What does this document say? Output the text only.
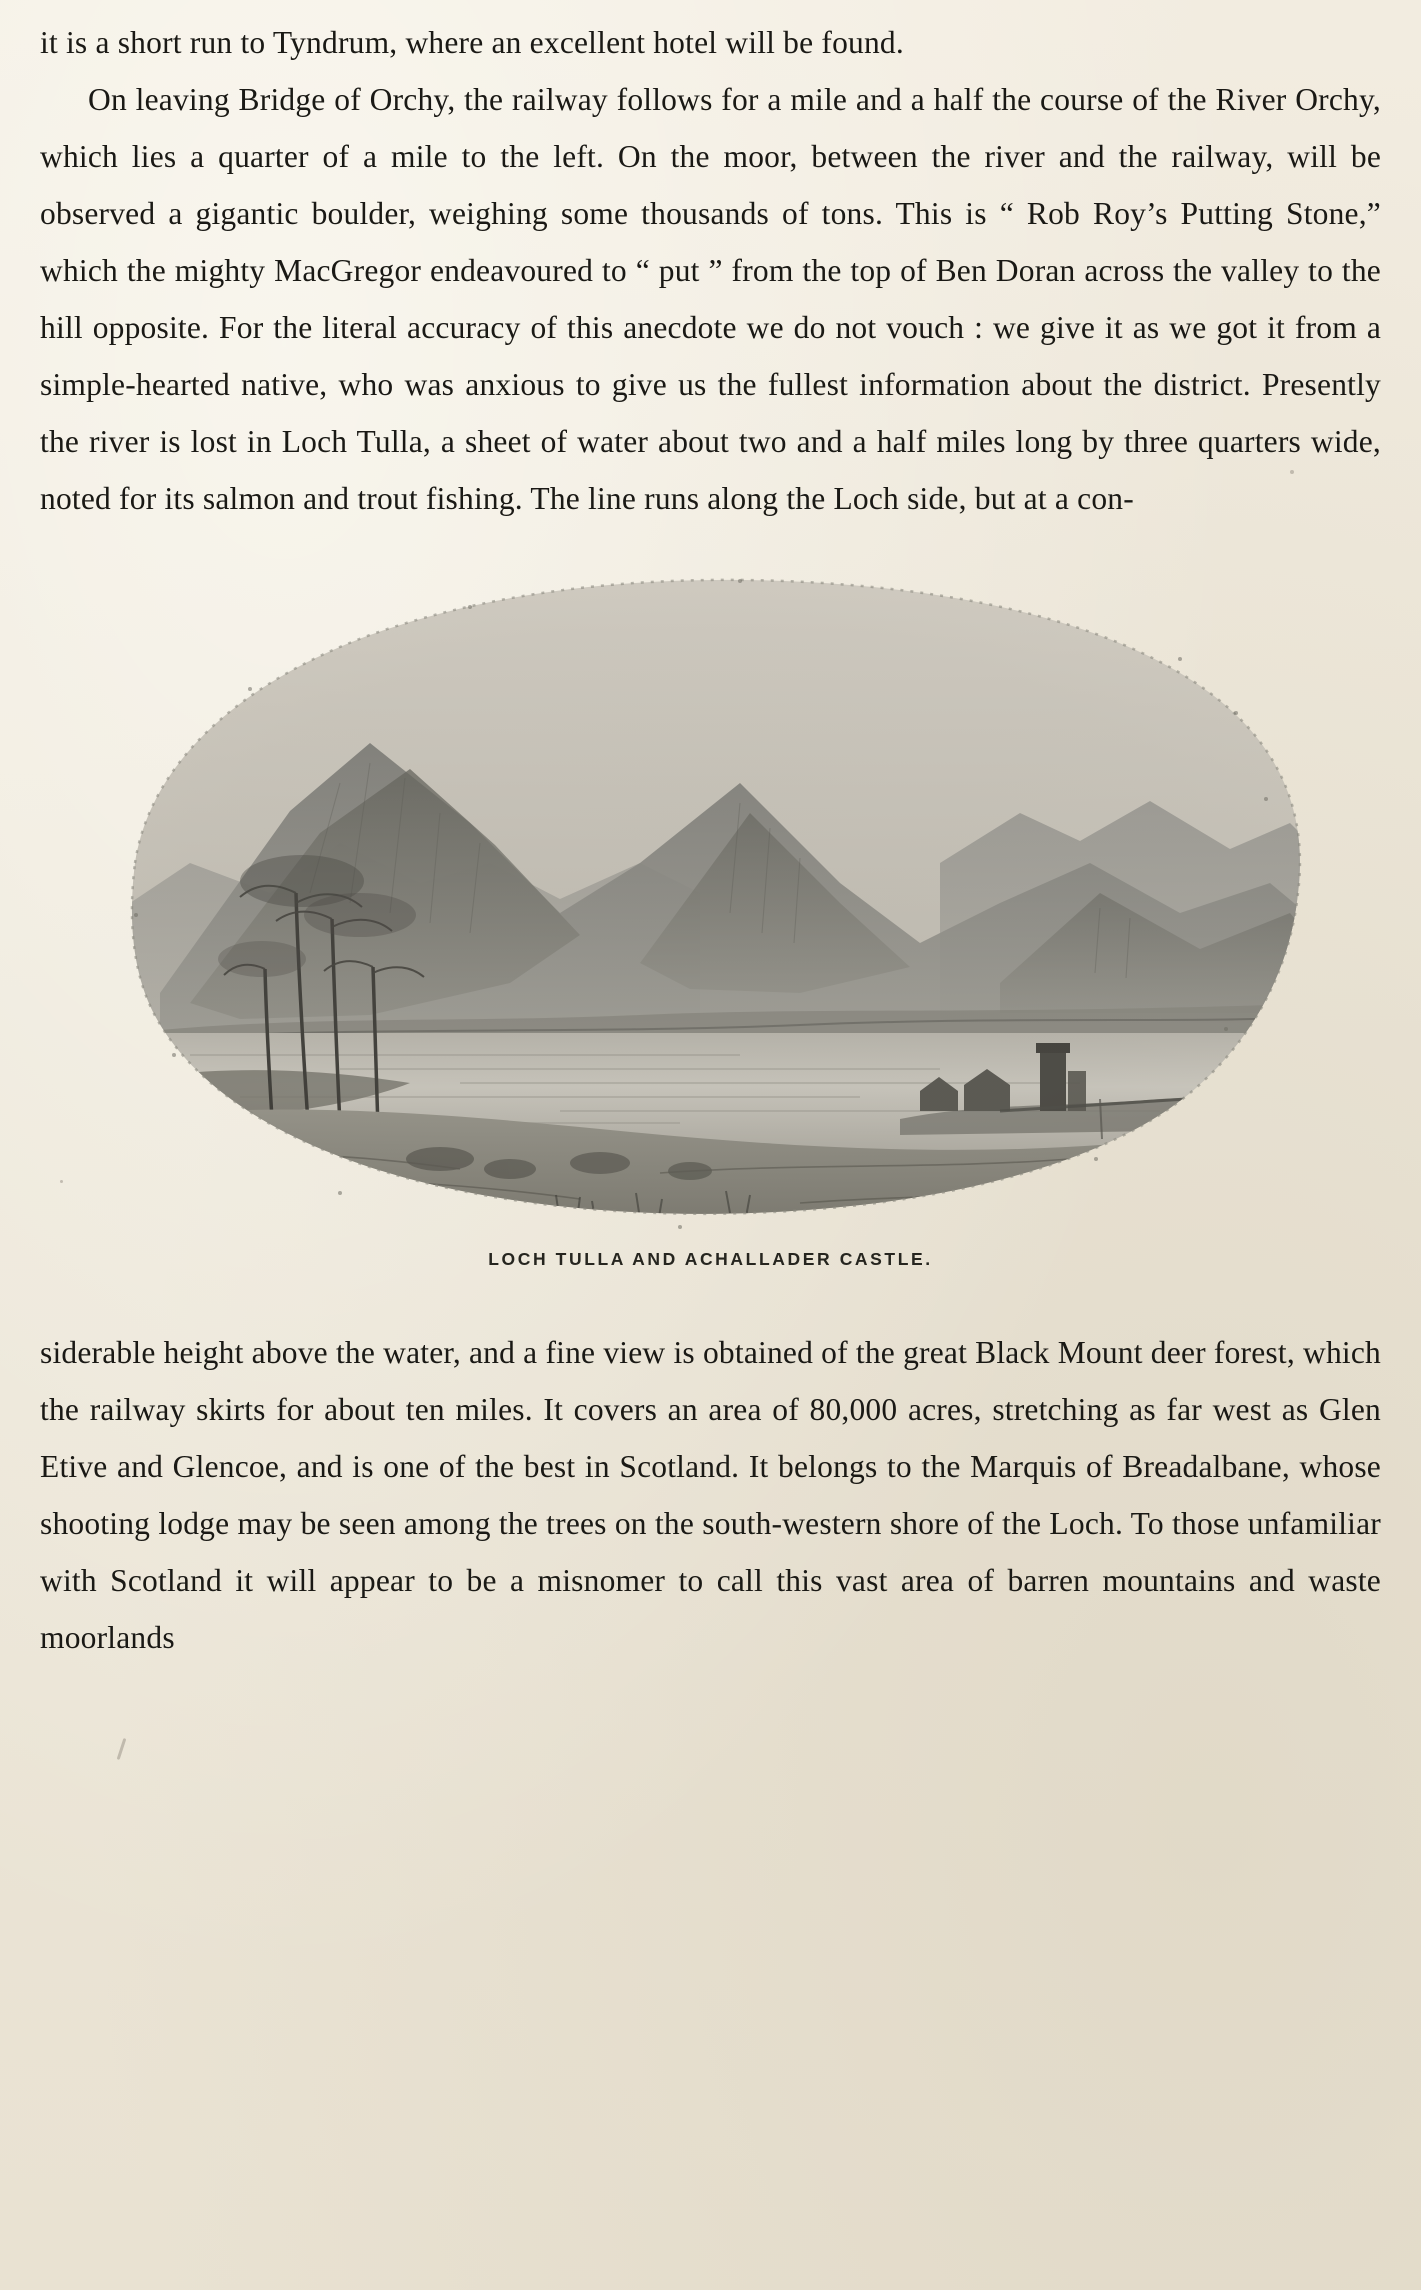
it is a short run to Tyndrum, where an excellent hotel will be found.

On leaving Bridge of Orchy, the railway follows for a mile and a half the course of the River Orchy, which lies a quarter of a mile to the left. On the moor, between the river and the railway, will be observed a gigantic boulder, weighing some thousands of tons. This is “ Rob Roy’s Putting Stone,” which the mighty MacGregor endeavoured to “ put ” from the top of Ben Doran across the valley to the hill opposite. For the literal accuracy of this anecdote we do not vouch : we give it as we got it from a simple-hearted native, who was anxious to give us the fullest information about the district. Presently the river is lost in Loch Tulla, a sheet of water about two and a half miles long by three quarters wide, noted for its salmon and trout fishing. The line runs along the Loch side, but at a con-

LOCH TULLA AND ACHALLADER CASTLE.

siderable height above the water, and a fine view is obtained of the great Black Mount deer forest, which the railway skirts for about ten miles. It covers an area of 80,000 acres, stretching as far west as Glen Etive and Glencoe, and is one of the best in Scotland. It belongs to the Marquis of Breadalbane, whose shooting lodge may be seen among the trees on the south-western shore of the Loch. To those unfamiliar with Scotland it will appear to be a misnomer to call this vast area of barren mountains and waste moorlands
